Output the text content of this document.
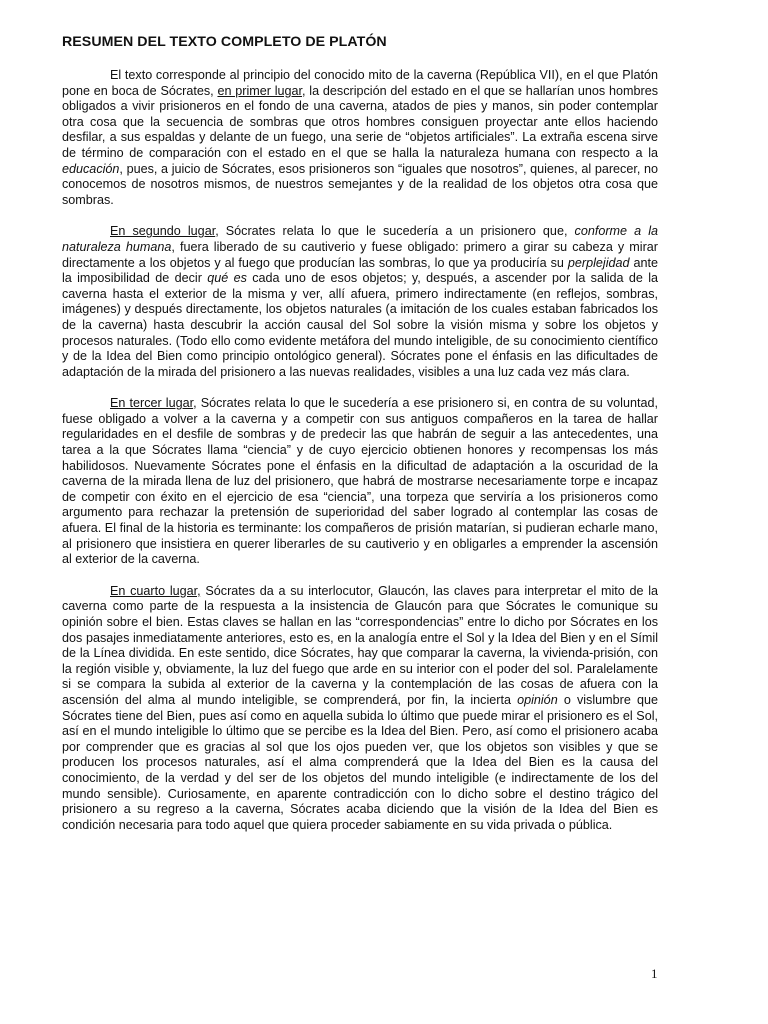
RESUMEN DEL TEXTO COMPLETO DE PLATÓN

El texto corresponde al principio del conocido mito de la caverna (República VII), en el que Platón pone en boca de Sócrates, en primer lugar, la descripción del estado en el que se hallarían unos hombres obligados a vivir prisioneros en el fondo de una caverna, atados de pies y manos, sin poder contemplar otra cosa que la secuencia de sombras que otros hombres consiguen proyectar ante ellos haciendo desfilar, a sus espaldas y delante de un fuego, una serie de “objetos artificiales”. La extraña escena sirve de término de comparación con el estado en el que se halla la naturaleza humana con respecto a la educación, pues, a juicio de Sócrates, esos prisioneros son “iguales que nosotros”, quienes, al parecer, no conocemos de nosotros mismos, de nuestros semejantes y de la realidad de los objetos otra cosa que sombras.

En segundo lugar, Sócrates relata lo que le sucedería a un prisionero que, conforme a la naturaleza humana, fuera liberado de su cautiverio y fuese obligado: primero a girar su cabeza y mirar directamente a los objetos y al fuego que producían las sombras, lo que ya produciría su perplejidad ante la imposibilidad de decir qué es cada uno de esos objetos; y, después, a ascender por la salida de la caverna hasta el exterior de la misma y ver, allí afuera, primero indirectamente (en reflejos, sombras, imágenes) y después directamente, los objetos naturales (a imitación de los cuales estaban fabricados los de la caverna) hasta descubrir la acción causal del Sol sobre la visión misma y sobre los objetos y procesos naturales. (Todo ello como evidente metáfora del mundo inteligible, de su conocimiento científico y de la Idea del Bien como principio ontológico general). Sócrates pone el énfasis en las dificultades de adaptación de la mirada del prisionero a las nuevas realidades, visibles a una luz cada vez más clara.

En tercer lugar, Sócrates relata lo que le sucedería a ese prisionero si, en contra de su voluntad, fuese obligado a volver a la caverna y a competir con sus antiguos compañeros en la tarea de hallar regularidades en el desfile de sombras y de predecir las que habrán de seguir a las antecedentes, una tarea a la que Sócrates llama “ciencia” y de cuyo ejercicio obtienen honores y recompensas los más habilidosos. Nuevamente Sócrates pone el énfasis en la dificultad de adaptación a la oscuridad de la caverna de la mirada llena de luz del prisionero, que habrá de mostrarse necesariamente torpe e incapaz de competir con éxito en el ejercicio de esa “ciencia”, una torpeza que serviría a los prisioneros como argumento para rechazar la pretensión de superioridad del saber logrado al contemplar las cosas de afuera. El final de la historia es terminante: los compañeros de prisión matarían, si pudieran echarle mano, al prisionero que insistiera en querer liberarles de su cautiverio y en obligarles a emprender la ascensión al exterior de la caverna.

En cuarto lugar, Sócrates da a su interlocutor, Glaucón, las claves para interpretar el mito de la caverna como parte de la respuesta a la insistencia de Glaucón para que Sócrates le comunique su opinión sobre el bien. Estas claves se hallan en las “correspondencias” entre lo dicho por Sócrates en los dos pasajes inmediatamente anteriores, esto es, en la analogía entre el Sol y la Idea del Bien y en el Símil de la Línea dividida. En este sentido, dice Sócrates, hay que comparar la caverna, la vivienda-prisión, con la región visible y, obviamente, la luz del fuego que arde en su interior con el poder del sol. Paralelamente si se compara la subida al exterior de la caverna y la contemplación de las cosas de afuera con la ascensión del alma al mundo inteligible, se comprenderá, por fin, la incierta opinión o vislumbre que Sócrates tiene del Bien, pues así como en aquella subida lo último que puede mirar el prisionero es el Sol, así en el mundo inteligible lo último que se percibe es la Idea del Bien. Pero, así como el prisionero acaba por comprender que es gracias al sol que los ojos pueden ver, que los objetos son visibles y que se producen los procesos naturales, así el alma comprenderá que la Idea del Bien es la causa del conocimiento, de la verdad y del ser de los objetos del mundo inteligible (e indirectamente de los del mundo sensible). Curiosamente, en aparente contradicción con lo dicho sobre el destino trágico del prisionero a su regreso a la caverna, Sócrates acaba diciendo que la visión de la Idea del Bien es condición necesaria para todo aquel que quiera proceder sabiamente en su vida privada o pública.

1
